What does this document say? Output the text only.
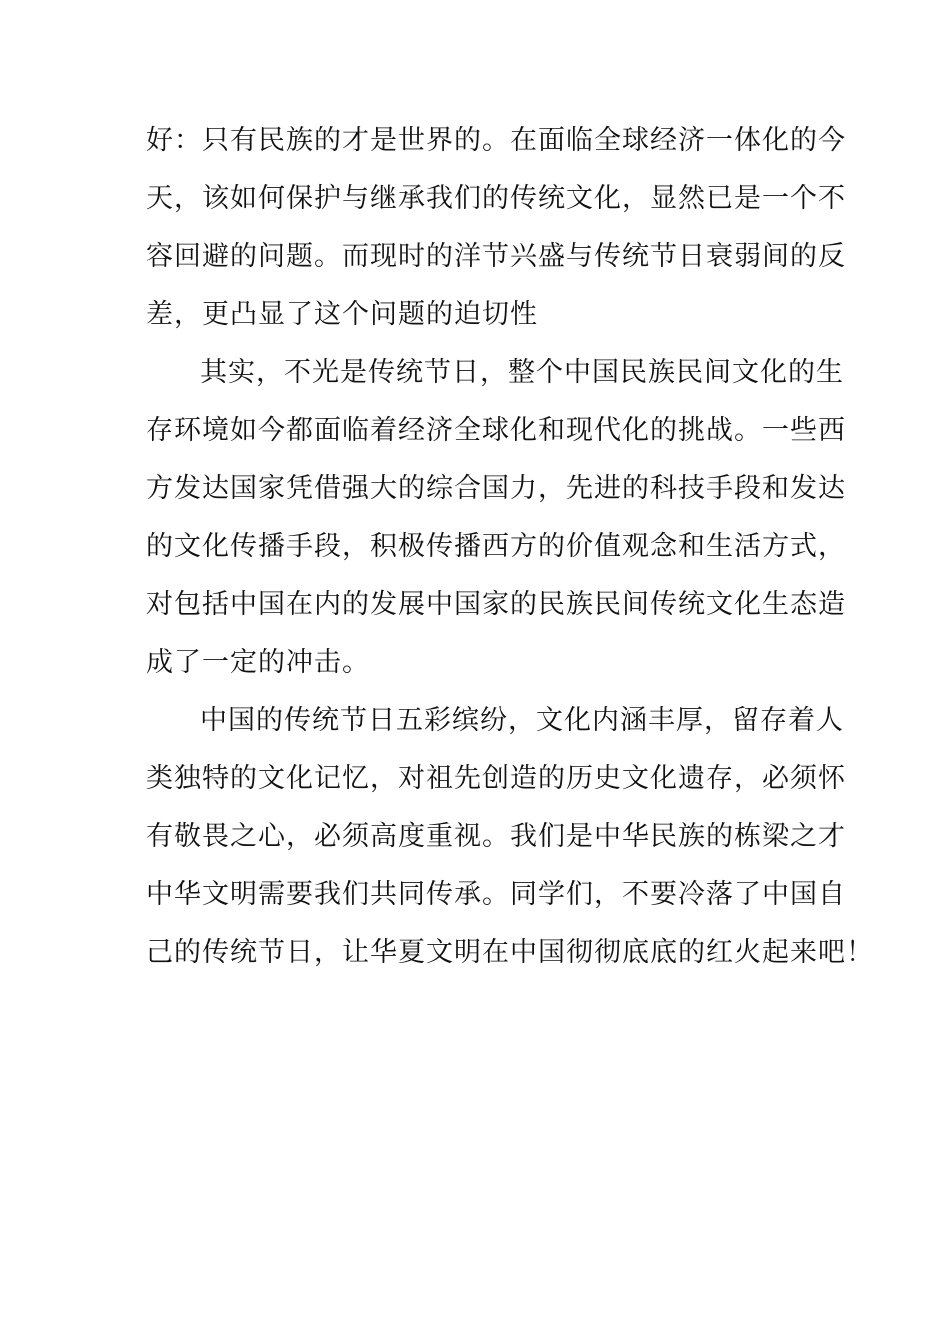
好：只有民族的才是世界的。在面临全球经济一体化的今
天，该如何保护与继承我们的传统文化，显然已是一个不
容回避的问题。而现时的洋节兴盛与传统节日衰弱间的反
差，更凸显了这个问题的迫切性

其实，不光是传统节日，整个中国民族民间文化的生
存环境如今都面临着经济全球化和现代化的挑战。一些西
方发达国家凭借强大的综合国力，先进的科技手段和发达
的文化传播手段，积极传播西方的价值观念和生活方式，
对包括中国在内的发展中国家的民族民间传统文化生态造
成了一定的冲击。

中国的传统节日五彩缤纷，文化内涵丰厚，留存着人
类独特的文化记忆，对祖先创造的历史文化遗存，必须怀
有敬畏之心，必须高度重视。我们是中华民族的栋梁之才
中华文明需要我们共同传承。同学们，不要冷落了中国自
己的传统节日，让华夏文明在中国彻彻底底的红火起来吧！
